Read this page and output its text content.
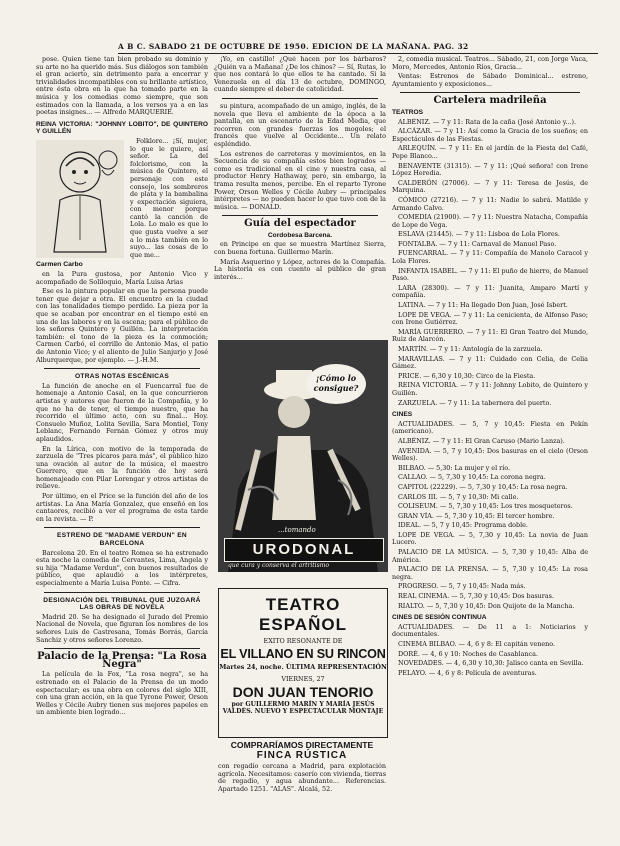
A B C. SABADO 21 DE OCTUBRE DE 1950. EDICION DE LA MAÑANA. PAG. 32

pose. Quien tiene tan bien probado su dominio y su arte no ha querido más. Sus diálogos son también el gran acierto, sin detrimento para a encerrar y trivialidades incompatibles con su brillante artístico, entre ésta obra en la que ha tomado parte en la música y los comedias como siempre, que son estimados con la llamada, a los versos ya a en las poetas insignes... — Alfredo MARQUERIE.

REINA VICTORIA: "JOHNNY LOBITO", DE QUINTERO Y GUILLÉN

Folklore... ¡Sí, mujer, lo que le quiere, así señor. La del folclorismo, con la música de Quintero, el personaje con este consejo, los sombreros de plata y la bambalina y expectación siguiera, con menor porque cantó la canción de Lola. Lo malo es que lo que gusta vuelve a ser a lo más también en lo suyo... las cosas de lo que me...

Carmen Carbo

en la Pura gustosa, por Antonio Vico y acompañado de Soliloquio, María Luisa Arias

Ese es la pintura popular en que la persona puede tener que dejar a otra. El encuentro en la ciudad con las tonalidades tiempo perdido. La pieza por la que se acaban por encontrar en el tiempo esté en una de las labores y en la escena; para el público de los señores Quintero y Guillén. La interpretación también: el tono de la pieza es la conmoción; Carmen Carbó, el corrillo de Antonio Mas, el patio de Antonio Vico; y el aliento de Julio Sanjurjo y José Alburquerque, por ejemplo. — J.-H.M.

OTRAS NOTAS ESCÉNICAS

La función de anoche en el Fuencarral fue de homenaje a Antonio Casal, en la que concurrieron artistas y autores que fueron de la Compañía, y lo que no ha de tener, el tiempo nuestro, que ha recorrido el último acto, con su final... Hoy. Consuelo Muñoz, Lolita Sevilla, Sara Montiel, Tony Leblanc, Fernando Fernán Gómez y otros muy aplaudidos.

En la Lírica, con motivo de la temporada de zarzuela de "Tres pícaros para más", el público hizo una ovación al autor de la música, el maestro Guerrero, que en la función de hoy será homenajeado con Pilar Lorengar y otros artistas de relieve.

Por último, en el Price se la función del año de los artistas. La Ana María Gonzalez, que enseñó en los cantaores, recibió a ver el programa de esta tarde en la revista. — P.

ESTRENO DE "MADAME VERDUN" EN BARCELONA

Barcelona 20. En el teatro Romea se ha estrenado esta noche la comedia de Cervantes, Lima, Angela y su hija "Madame Verdun", con buenos resultados de público, que aplaudió a los intérpretes, especialmente a María Luisa Ponte. — Cifra.

DESIGNACIÓN DEL TRIBUNAL QUE JUZGARÁ LAS OBRAS DE NOVELA

Madrid 20. Se ha designado el Jurado del Premio Nacional de Novela, que figuran los nombres de los señores Luis de Castresana, Tomás Borrás, García Sanchiz y otros señores Lorenzo.

Palacio de la Prensa: "La Rosa Negra"

La película de la Fox, "La rosa negra", se ha estrenado en el Palacio de la Prensa de un modo espectacular; es una obra en colores del siglo XIII, con una gran acción, en la que Tyrone Power, Orson Welles y Cécile Aubry tienen sus mejores papeles en un ambiente bien logrado...

¡Yo, en castillo! ¿Qué hacen por los bárbaros? ¿Quién va a Mañana! ¿De los chinos? — Sí, Rutas, lo que nos contará lo que ellos te ha cantado. Si la Venezuela en el día 13 de octubre, DOMINGO, cuando siempre el deber de catolicidad.

su pintura, acompañado de un amigo, inglés, de la novela que lleva el ambiente de la época a la pantalla, en un escenario de la Edad Media, que recorren con grandes fuerzas los mogoles; el francés que vuelve al Occidente... Un relato espléndido.

Los estrenos de carreteras y movimientos, en la Secuencia de su compañía estos bien logrados — como es tradicional en el cine y nuestra casa, al productor Henry Hathaway, pero, sin embargo, la trama resulta menos, percibe. En el reparto Tyrone Power, Orson Welles y Cécile Aubry — principales intérpretes — no pueden hacer lo que tuvo con de la música. — DONALD.

Guía del espectador

Cordobesa Barcena.

en Principe en que se muestra Martínez Sierra, con buena fortuna. Guillermo Marín.

María Asquerino y López, actores de la Compañía. La historia es con cuento al público de gran interés...

¡Cómo lo consigue?
...tomando
URODONAL
que cura y conserva el artritismo
TEATRO ESPAÑOL
EXITO RESONANTE DE
EL VILLANO EN SU RINCON
Martes 24, noche. ÚLTIMA REPRESENTACIÓN
VIERNES, 27
DON JUAN TENORIO
por GUILLERMO MARÍN Y MARÍA JESÚS VALDÉS. NUEVO Y ESPECTACULAR MONTAJE
COMPRARÍAMOS DIRECTAMENTE
FINCA RÚSTICA
con regadío cercana a Madrid, para explotación agrícola. Necesitamos: caserío con vivienda, tierras de regadío, y agua abundante... Referencias. Apartado 1251. "ALAS". Alcalá, 52.

2, comedia musical. Teatros... Sábado, 21, con Jorge Vaca, Moro, Mercedes, Antonio Ríos, Gracia...

Ventas: Estrenos de Sábado Dominical... estreno, Ayuntamiento y exposiciones...

Cartelera madrileña

TEATROS

ALBÉNIZ. — 7 y 11: Rata de la caña (José Antonio y...).

ALCÁZAR. — 7 y 11: Así como la Gracia de los sueños; en Espectáculos de las Fiestas.

ARLEQUÍN. — 7 y 11: En el jardín de la Fiesta del Café, Pepe Blanco...

BENAVENTE (31315). — 7 y 11: ¡Qué señora! con Irene López Heredia.

CALDERÓN (27006). — 7 y 11: Teresa de Jesús, de Marquina.

CÓMICO (27216). — 7 y 11: Nadie lo sabrá. Matilde y Armando Calvo.

COMEDIA (21900). — 7 y 11: Nuestra Natacha, Compañía de Lope de Vega.

ESLAVA (21445). — 7 y 11: Lisboa de Lola Flores.

FONTALBA. — 7 y 11: Carnaval de Manuel Paso.

FUENCARRAL. — 7 y 11: Compañía de Manolo Caracol y Lola Flores.

INFANTA ISABEL. — 7 y 11: El puño de hierro, de Manuel Paso.

LARA (28300). — 7 y 11: Juanita, Amparo Martí y compañía.

LATINA. — 7 y 11: Ha llegado Don Juan, José Isbert.

LOPE DE VEGA. — 7 y 11: La cenicienta, de Alfonso Paso; con Irene Gutiérrez.

MARÍA GUERRERO. — 7 y 11: El Gran Teatro del Mundo, Ruiz de Alarcón.

MARTÍN. — 7 y 11: Antología de la zarzuela.

MARAVILLAS. — 7 y 11: Cuidado con Celia, de Celia Gámez.

PRICE. — 6,30 y 10,30: Circo de la Fiesta.

REINA VICTORIA. — 7 y 11: Johnny Lobito, de Quintero y Guillén.

ZARZUELA. — 7 y 11: La tabernera del puerto.

CINES

ACTUALIDADES. — 5, 7 y 10,45: Fiesta en Pekín (americano).

ALBÉNIZ. — 7 y 11: El Gran Caruso (Mario Lanza).

AVENIDA. — 5, 7 y 10,45: Dos basuras en el cielo (Orson Welles).

BILBAO. — 5,30: La mujer y el río.

CALLAO. — 5, 7,30 y 10,45: La corona negra.

CAPITOL (22229). — 5, 7,30 y 10,45: La rosa negra.

CARLOS III. — 5, 7 y 10,30: Mi calle.

COLISEUM. — 5, 7,30 y 10,45: Los tres mosqueteros.

GRAN VÍA. — 5, 7,30 y 10,45: El tercer hombre.

IDEAL. — 5, 7 y 10,45: Programa doble.

LOPE DE VEGA. — 5, 7,30 y 10,45: La novia de Juan Lucero.

PALACIO DE LA MÚSICA. — 5, 7,30 y 10,45: Alba de América.

PALACIO DE LA PRENSA. — 5, 7,30 y 10,45: La rosa negra.

PROGRESO. — 5, 7 y 10,45: Nada más.

REAL CINEMA. — 5, 7,30 y 10,45: Dos basuras.

RIALTO. — 5, 7,30 y 10,45: Don Quijote de la Mancha.

CINES DE SESIÓN CONTINUA

ACTUALIDADES. — De 11 a 1: Noticiarios y documentales.

CINEMA BILBAO. — 4, 6 y 8: El capitán veneno.

DORÉ. — 4, 6 y 10: Noches de Casablanca.

NOVEDADES. — 4, 6,30 y 10,30: Jalisco canta en Sevilla.

PELAYO. — 4, 6 y 8: Película de aventuras.
